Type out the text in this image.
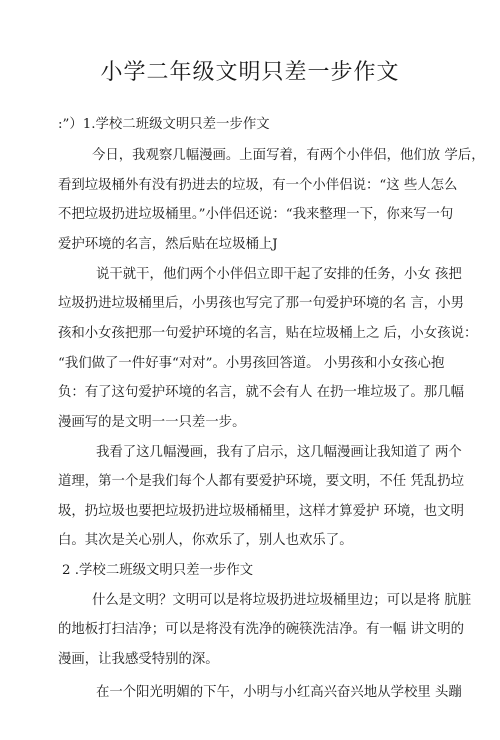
小学二年级文明只差一步作文
:”）1.学校二班级文明只差一步作文
今日，我观察几幅漫画。上面写着，有两个小伴侣，他们放 学后，
看到垃圾桶外有没有扔进去的垃圾，有一个小伴侣说：“这 些人怎么
不把垃圾扔进垃圾桶里。”小伴侣还说：“我来整理一下，你来写一句
爱护环境的名言，然后贴在垃圾桶上J
说干就干，他们两个小伴侣立即干起了安排的任务，小女 孩把
垃圾扔进垃圾桶里后，小男孩也写完了那一句爱护环境的名 言，小男
孩和小女孩把那一句爱护环境的名言，贴在垃圾桶上之 后，小女孩说：
“我们做了一件好事“对对”。小男孩回答道。 小男孩和小女孩心抱
负：有了这句爱护环境的名言，就不会有人 在扔一堆垃圾了。那几幅
漫画写的是文明一一只差一步。
我看了这几幅漫画，我有了启示，这几幅漫画让我知道了 两个
道理，第一个是我们每个人都有要爱护环境，要文明，不任 凭乱扔垃
圾，扔垃圾也要把垃圾扔进垃圾桶桶里，这样才算爱护 环境，也文明
白。其次是关心别人，你欢乐了，别人也欢乐了。
2 .学校二班级文明只差一步作文
什么是文明？文明可以是将垃圾扔进垃圾桶里边；可以是将 肮脏
的地板打扫洁净；可以是将没有洗净的碗筷洗洁净。有一幅 讲文明的
漫画，让我感受特别的深。
在一个阳光明媚的下午，小明与小红高兴奋兴地从学校里 头蹦
